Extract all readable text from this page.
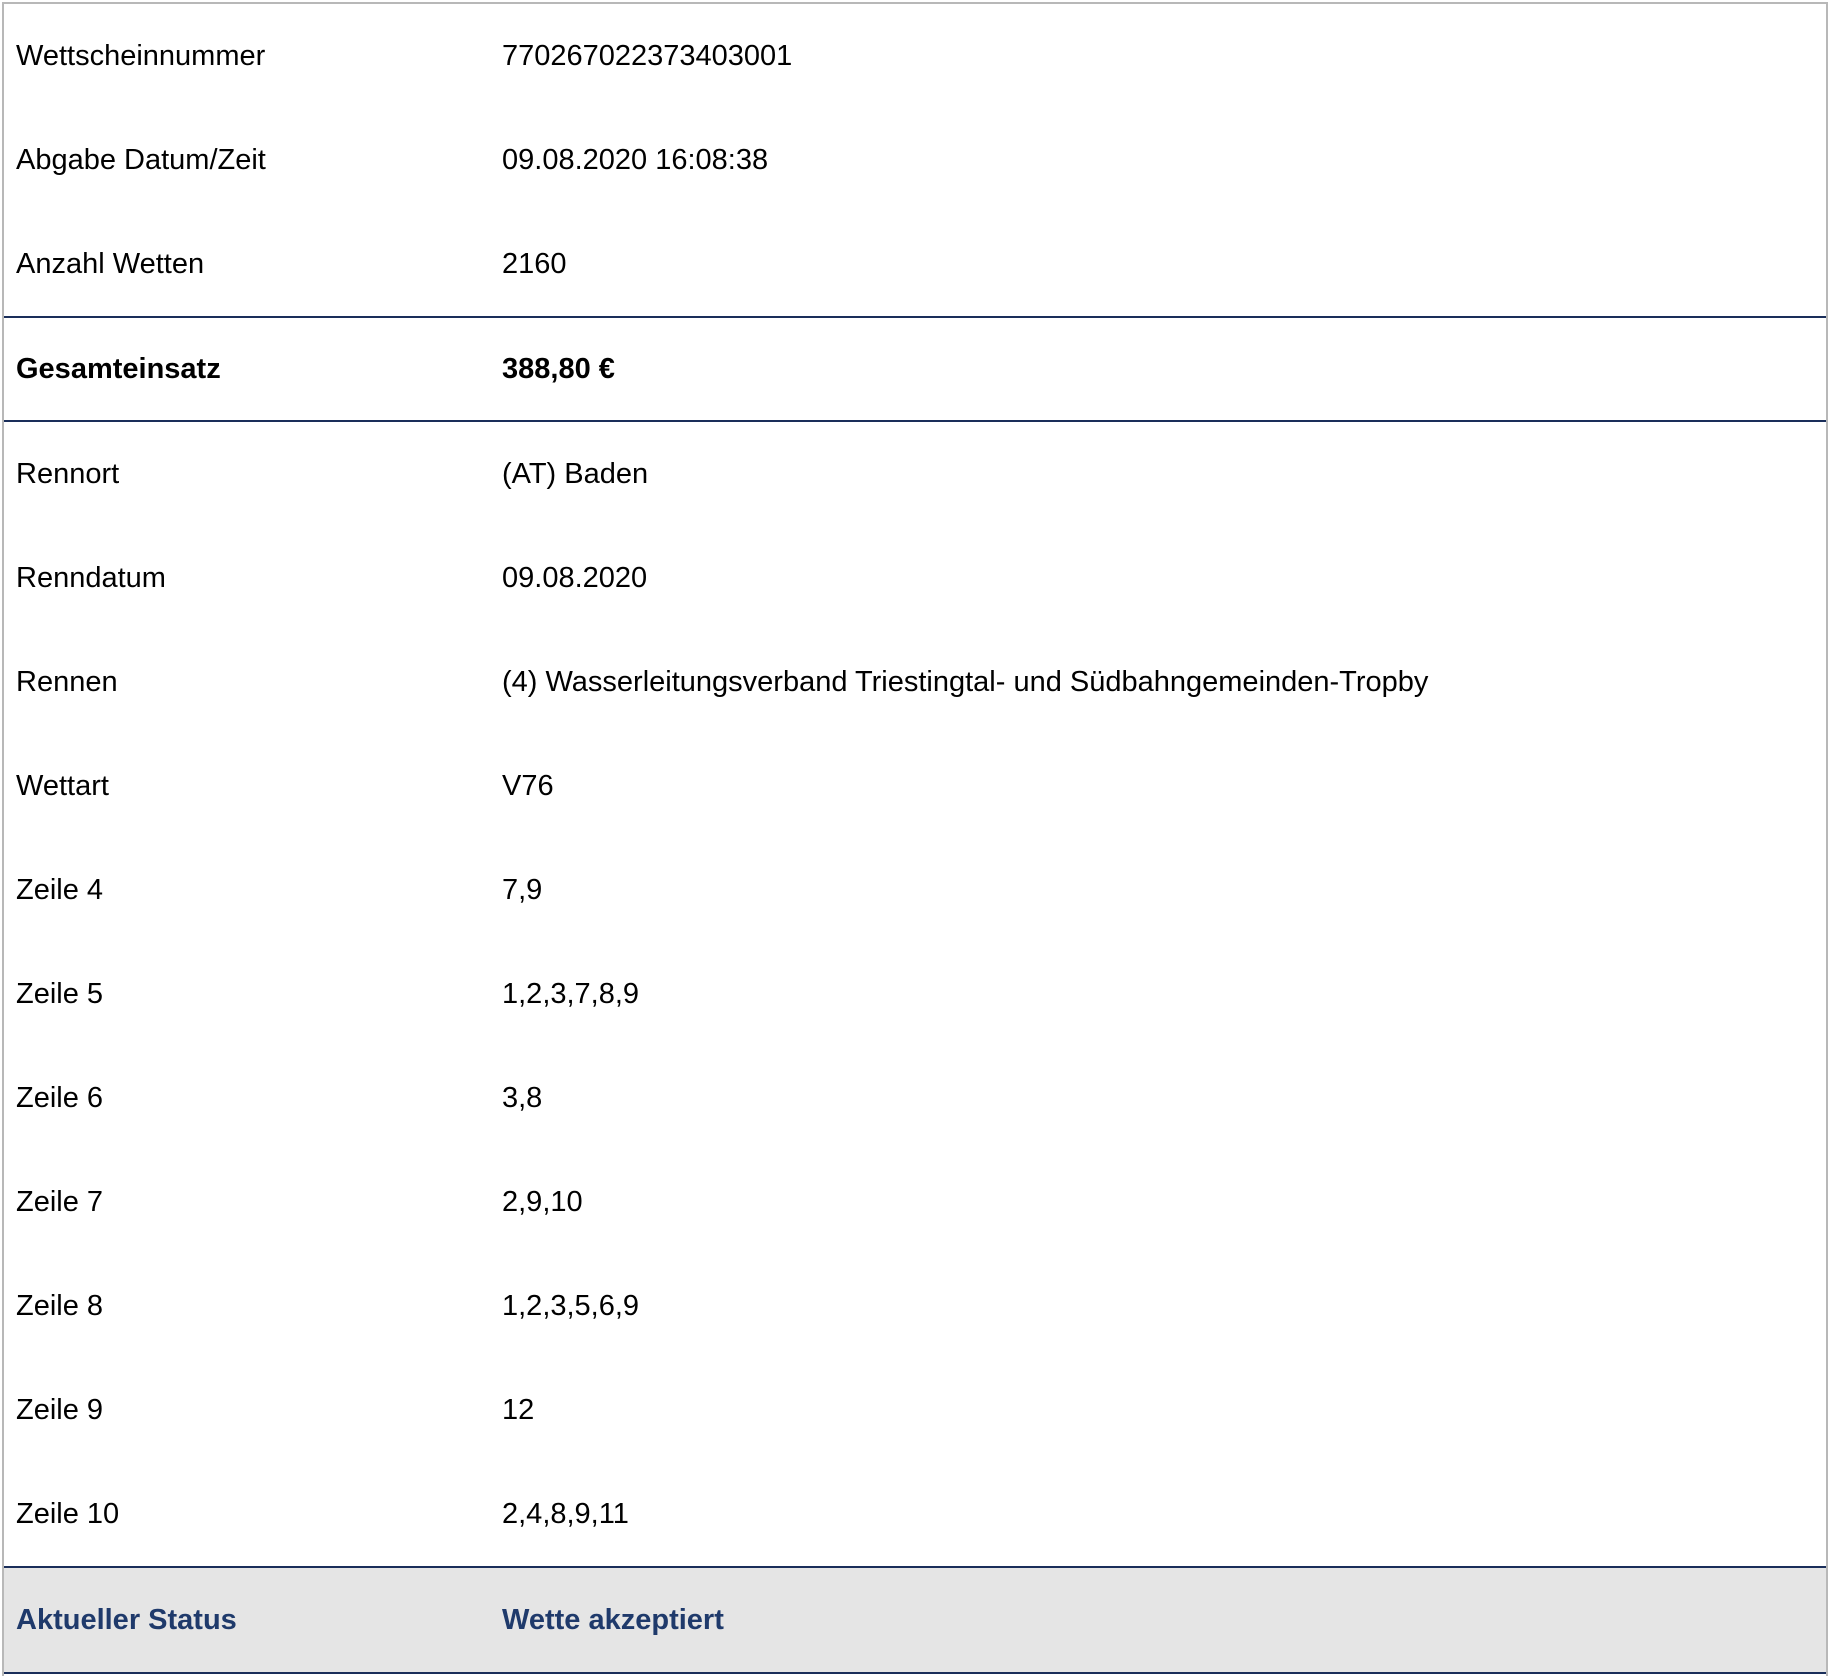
Wettscheinnummer	770267022373403001
Abgabe Datum/Zeit	09.08.2020 16:08:38
Anzahl Wetten	2160
Gesamteinsatz	388,80 €
Rennort	(AT) Baden
Renndatum	09.08.2020
Rennen	(4) Wasserleitungsverband Triestingtal- und Südbahngemeinden-Tropby
Wettart	V76
Zeile 4	7,9
Zeile 5	1,2,3,7,8,9
Zeile 6	3,8
Zeile 7	2,9,10
Zeile 8	1,2,3,5,6,9
Zeile 9	12
Zeile 10	2,4,8,9,11
Aktueller Status	Wette akzeptiert
